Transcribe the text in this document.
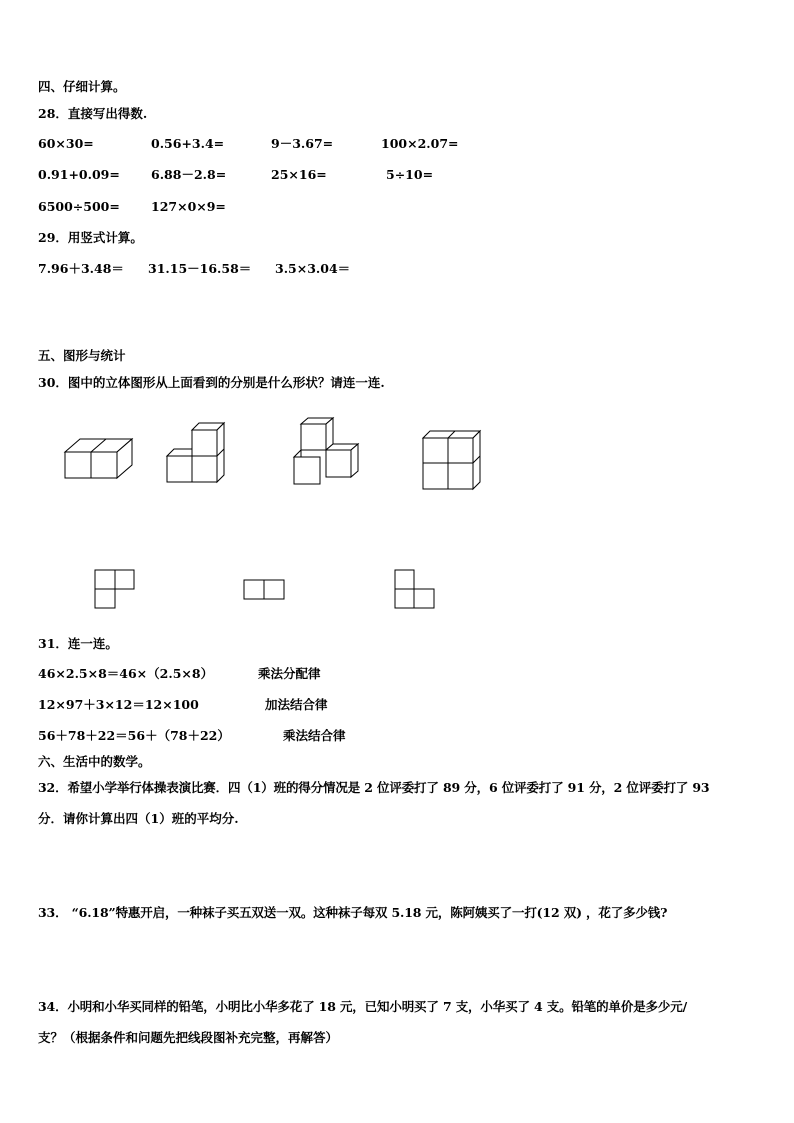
四、仔细计算。
28．直接写出得数.
60×30=	0.56+3.4=	9－3.67=	100×2.07=
0.91+0.09= 6.88－2.8=	25×16=	5÷10=
6500÷500= 127×0×9=
29．用竖式计算。
7.96＋3.48＝ 31.15－16.58＝ 3.5×3.04＝
五、图形与统计
30．图中的立体图形从上面看到的分别是什么形状？请连一连.
31．连一连。
46×2.5×8＝46×（2.5×8）	乘法分配律
12×97＋3×12＝12×100	加法结合律
56＋78＋22＝56＋（78＋22）	乘法结合律
六、生活中的数学。
32．希望小学举行体操表演比赛．四（1）班的得分情况是 2 位评委打了 89 分，6 位评委打了 91 分，2 位评委打了 93
分．请你计算出四（1）班的平均分.
33． “6.18”特惠开启，一种袜子买五双送一双。这种袜子每双 5.18 元，陈阿姨买了一打(12 双) ，花了多少钱?
34．小明和小华买同样的铅笔，小明比小华多花了 18 元，已知小明买了 7 支，小华买了 4 支。铅笔的单价是多少元/
支？（根据条件和问题先把线段图补充完整，再解答）
